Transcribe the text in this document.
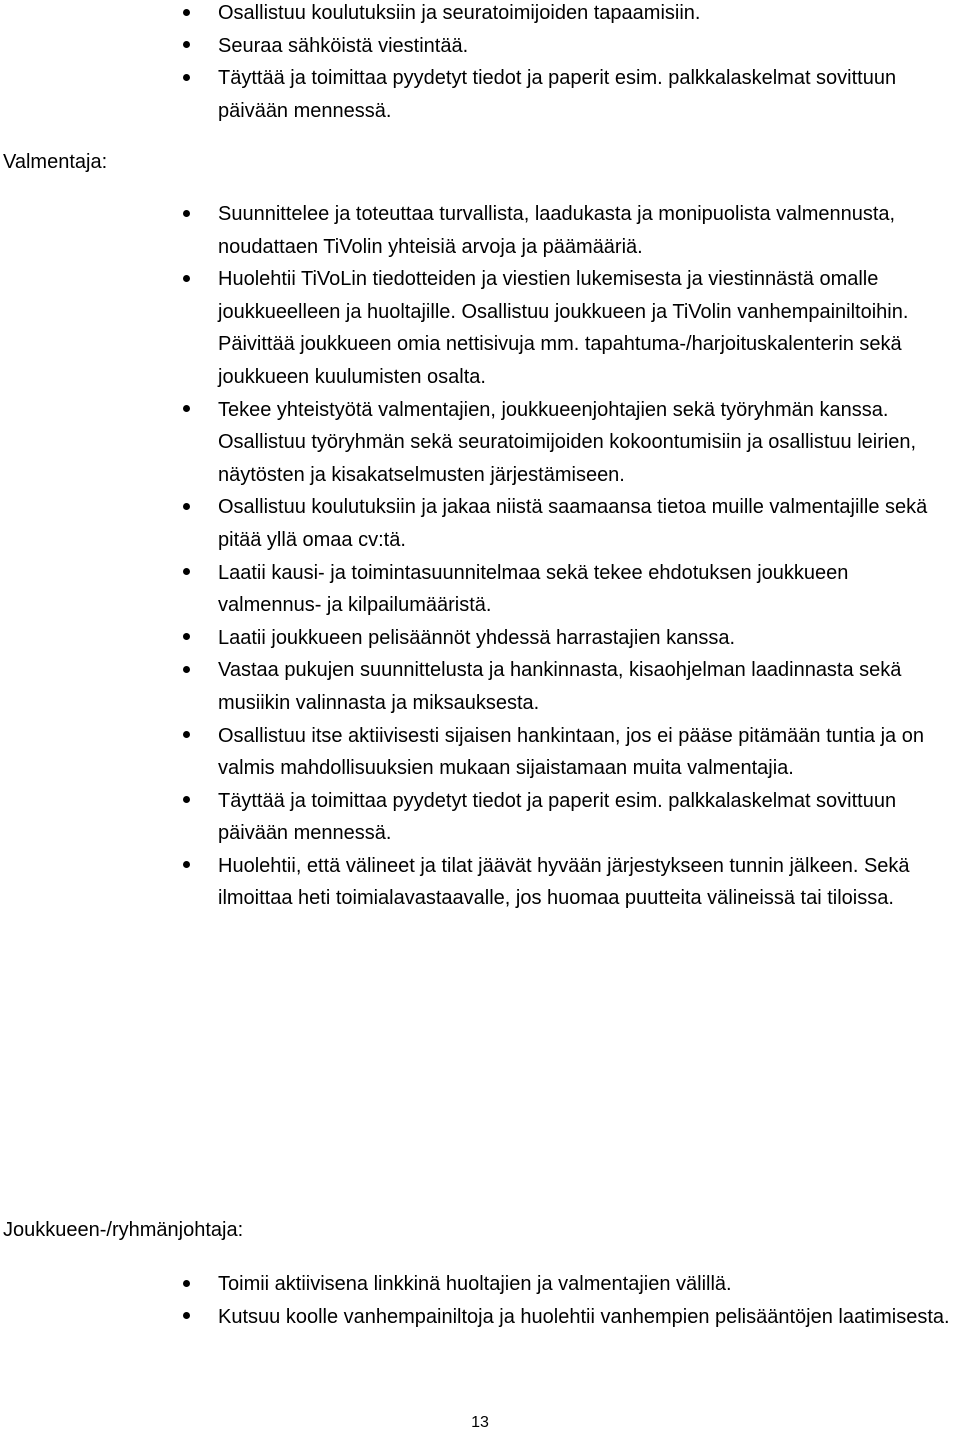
Osallistuu koulutuksiin ja seuratoimijoiden tapaamisiin.
Seuraa sähköistä viestintää.
Täyttää ja toimittaa pyydetyt tiedot ja paperit esim. palkkalaskelmat sovittuun päivään mennessä.
Valmentaja:
Suunnittelee ja toteuttaa turvallista, laadukasta ja monipuolista valmennusta, noudattaen TiVolin yhteisiä arvoja ja päämääriä.
Huolehtii TiVoLin tiedotteiden ja viestien lukemisesta ja viestinnästä omalle joukkueelleen ja huoltajille. Osallistuu joukkueen ja TiVolin vanhempainiltoihin. Päivittää joukkueen omia nettisivuja mm. tapahtuma-/harjoituskalenterin sekä joukkueen kuulumisten osalta.
Tekee yhteistyötä valmentajien, joukkueenjohtajien sekä työryhmän kanssa. Osallistuu työryhmän sekä seuratoimijoiden kokoontumisiin ja osallistuu leirien, näytösten ja kisakatselmusten järjestämiseen.
Osallistuu koulutuksiin ja jakaa niistä saamaansa tietoa muille valmentajille sekä pitää yllä omaa cv:tä.
Laatii kausi- ja toimintasuunnitelmaa sekä tekee ehdotuksen joukkueen valmennus- ja kilpailumääristä.
Laatii joukkueen pelisäännöt yhdessä harrastajien kanssa.
Vastaa pukujen suunnittelusta ja hankinnasta, kisaohjelman laadinnasta sekä musiikin valinnasta ja miksauksesta.
Osallistuu itse aktiivisesti sijaisen hankintaan, jos ei pääse pitämään tuntia ja on valmis mahdollisuuksien mukaan sijaistamaan muita valmentajia.
Täyttää ja toimittaa pyydetyt tiedot ja paperit esim. palkkalaskelmat sovittuun päivään mennessä.
Huolehtii, että välineet ja tilat jäävät hyvään järjestykseen tunnin jälkeen. Sekä ilmoittaa heti toimialavastaavalle, jos huomaa puutteita välineissä tai tiloissa.
Joukkueen-/ryhmänjohtaja:
Toimii aktiivisena linkkinä huoltajien ja valmentajien välillä.
Kutsuu koolle vanhempainiltoja ja huolehtii vanhempien pelisääntöjen laatimisesta.

13
